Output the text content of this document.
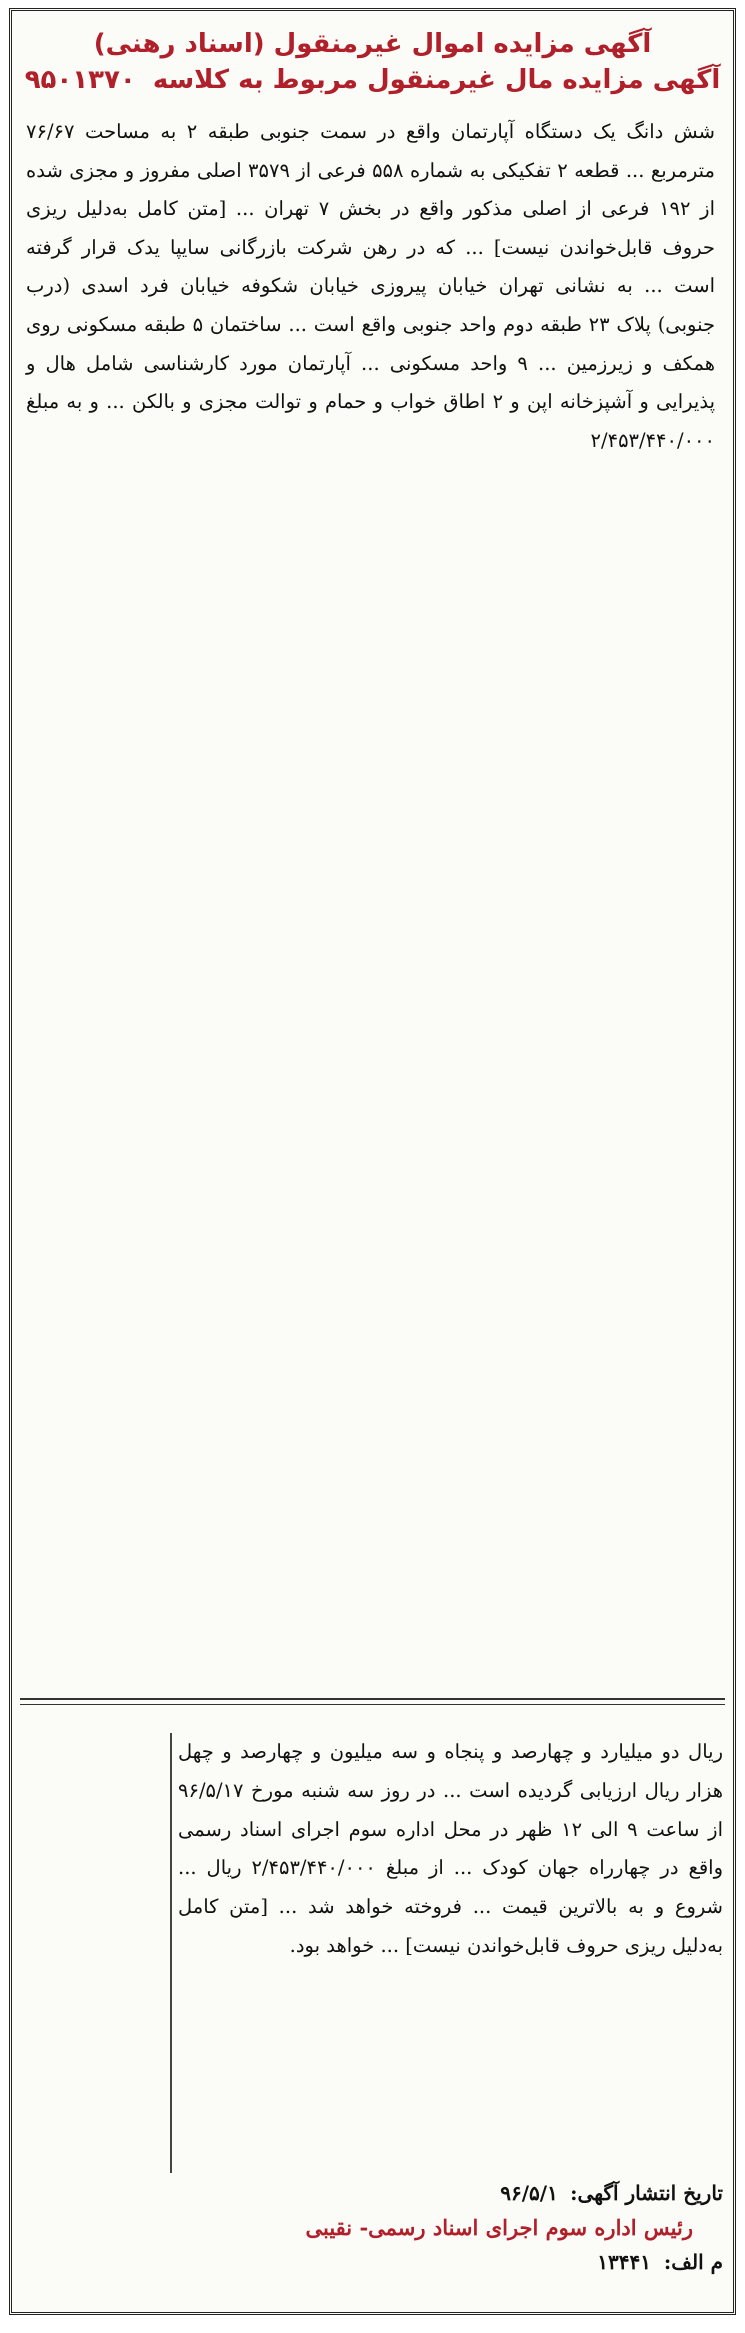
آگهی مزایده اموال غیرمنقول (اسناد رهنی)
آگهی مزایده مال غیرمنقول مربوط به کلاسه ۹۵۰۱۳۷۰
شش دانگ یک دستگاه آپارتمان واقع در سمت جنوبی طبقه ۲ به مساحت ۷۶/۶۷ مترمربع ... قطعه ۲ تفکیکی به شماره ۵۵۸ فرعی از ۳۵۷۹ اصلی مفروز و مجزی شده از ۱۹۲ فرعی از اصلی مذکور واقع در بخش ۷ تهران ... [متن کامل به‌دلیل ریزی حروف قابل‌خواندن نیست] ... که در رهن شرکت بازرگانی سایپا یدک قرار گرفته است ... به نشانی تهران خیابان پیروزی خیابان شکوفه خیابان فرد اسدی (درب جنوبی) پلاک ۲۳ طبقه دوم واحد جنوبی واقع است ... ساختمان ۵ طبقه مسکونی روی همکف و زیرزمین ... ۹ واحد مسکونی ... آپارتمان مورد کارشناسی شامل هال و پذیرایی و آشپزخانه اپن و ۲ اطاق خواب و حمام و توالت مجزی و بالکن ... و به مبلغ ۲/۴۵۳/۴۴۰/۰۰۰
ریال دو میلیارد و چهارصد و پنجاه و سه میلیون و چهارصد و چهل هزار ریال ارزیابی گردیده است ... در روز سه شنبه مورخ ۹۶/۵/۱۷ از ساعت ۹ الی ۱۲ ظهر در محل اداره سوم اجرای اسناد رسمی واقع در چهارراه جهان کودک ... از مبلغ ۲/۴۵۳/۴۴۰/۰۰۰ ریال ... شروع و به بالاترین قیمت ... فروخته خواهد شد ... [متن کامل به‌دلیل ریزی حروف قابل‌خواندن نیست] ... خواهد بود.
تاریخ انتشار آگهی: ۹۶/۵/۱
رئیس اداره سوم اجرای اسناد رسمی- نقیبی
م الف: ۱۳۴۴۱
